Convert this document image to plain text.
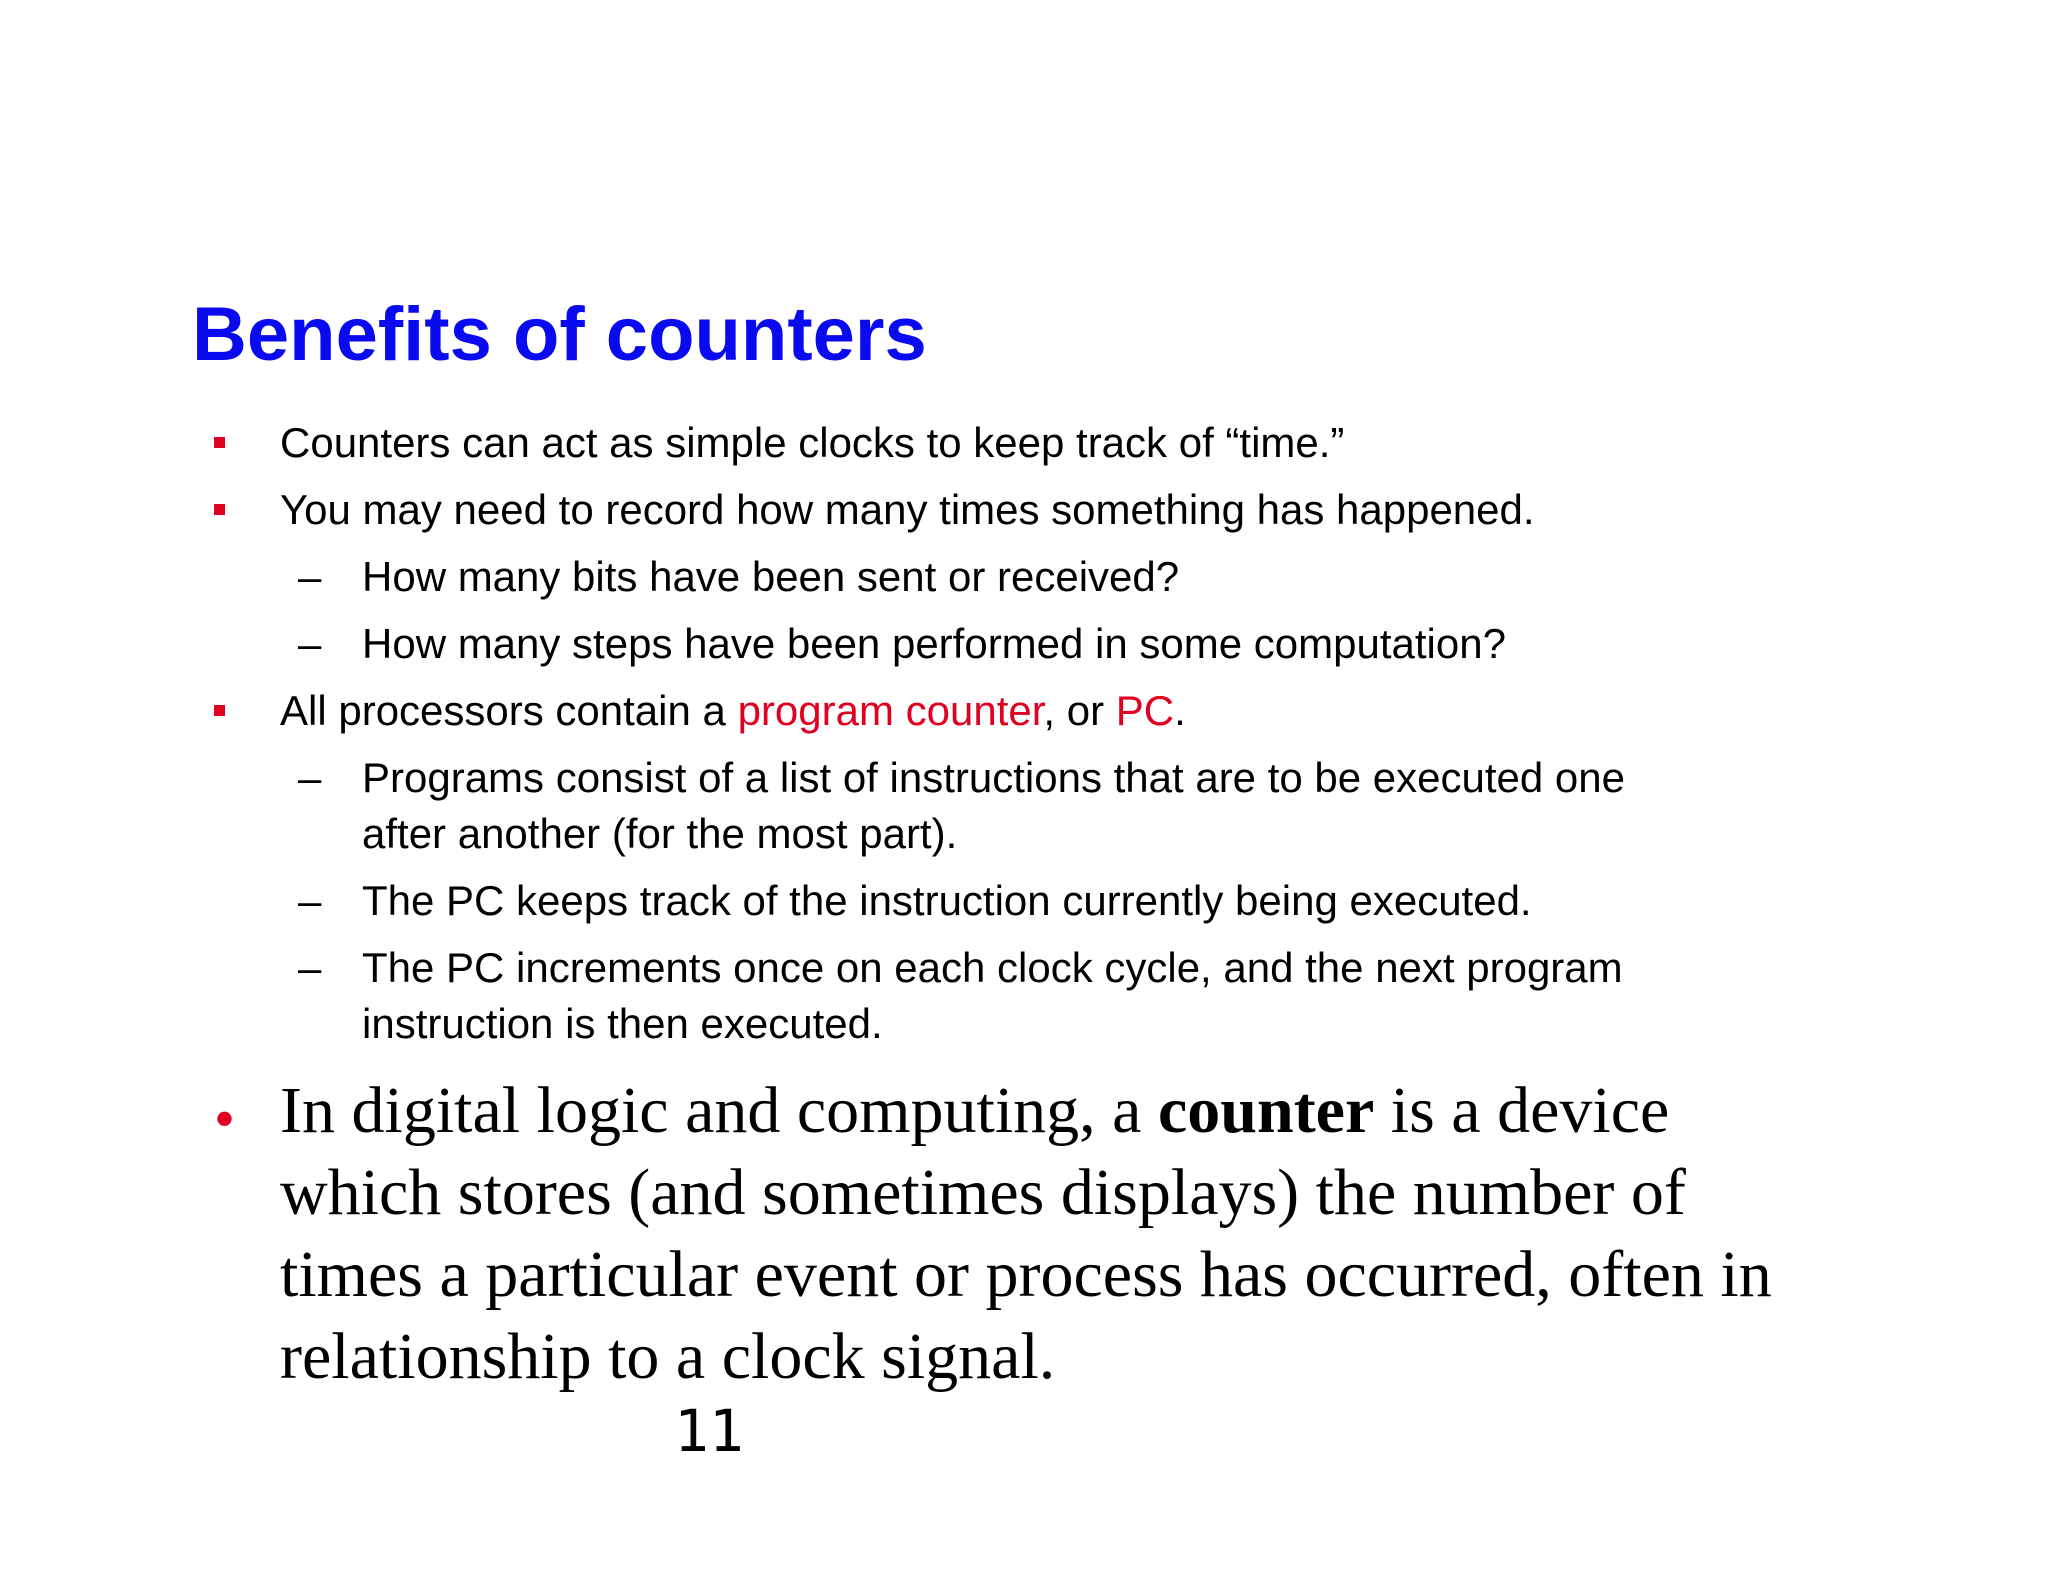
Benefits of counters
Counters can act as simple clocks to keep track of “time.”
You may need to record how many times something has happened.
– How many bits have been sent or received?
– How many steps have been performed in some computation?
All processors contain a program counter, or PC.
– Programs consist of a list of instructions that are to be executed one
after another (for the most part).
– The PC keeps track of the instruction currently being executed.
– The PC increments once on each clock cycle, and the next program
instruction is then executed.
• In digital logic and computing, a counter is a device which stores (and sometimes displays) the number of times a particular event or process has occurred, often in relationship to a clock signal.
11
